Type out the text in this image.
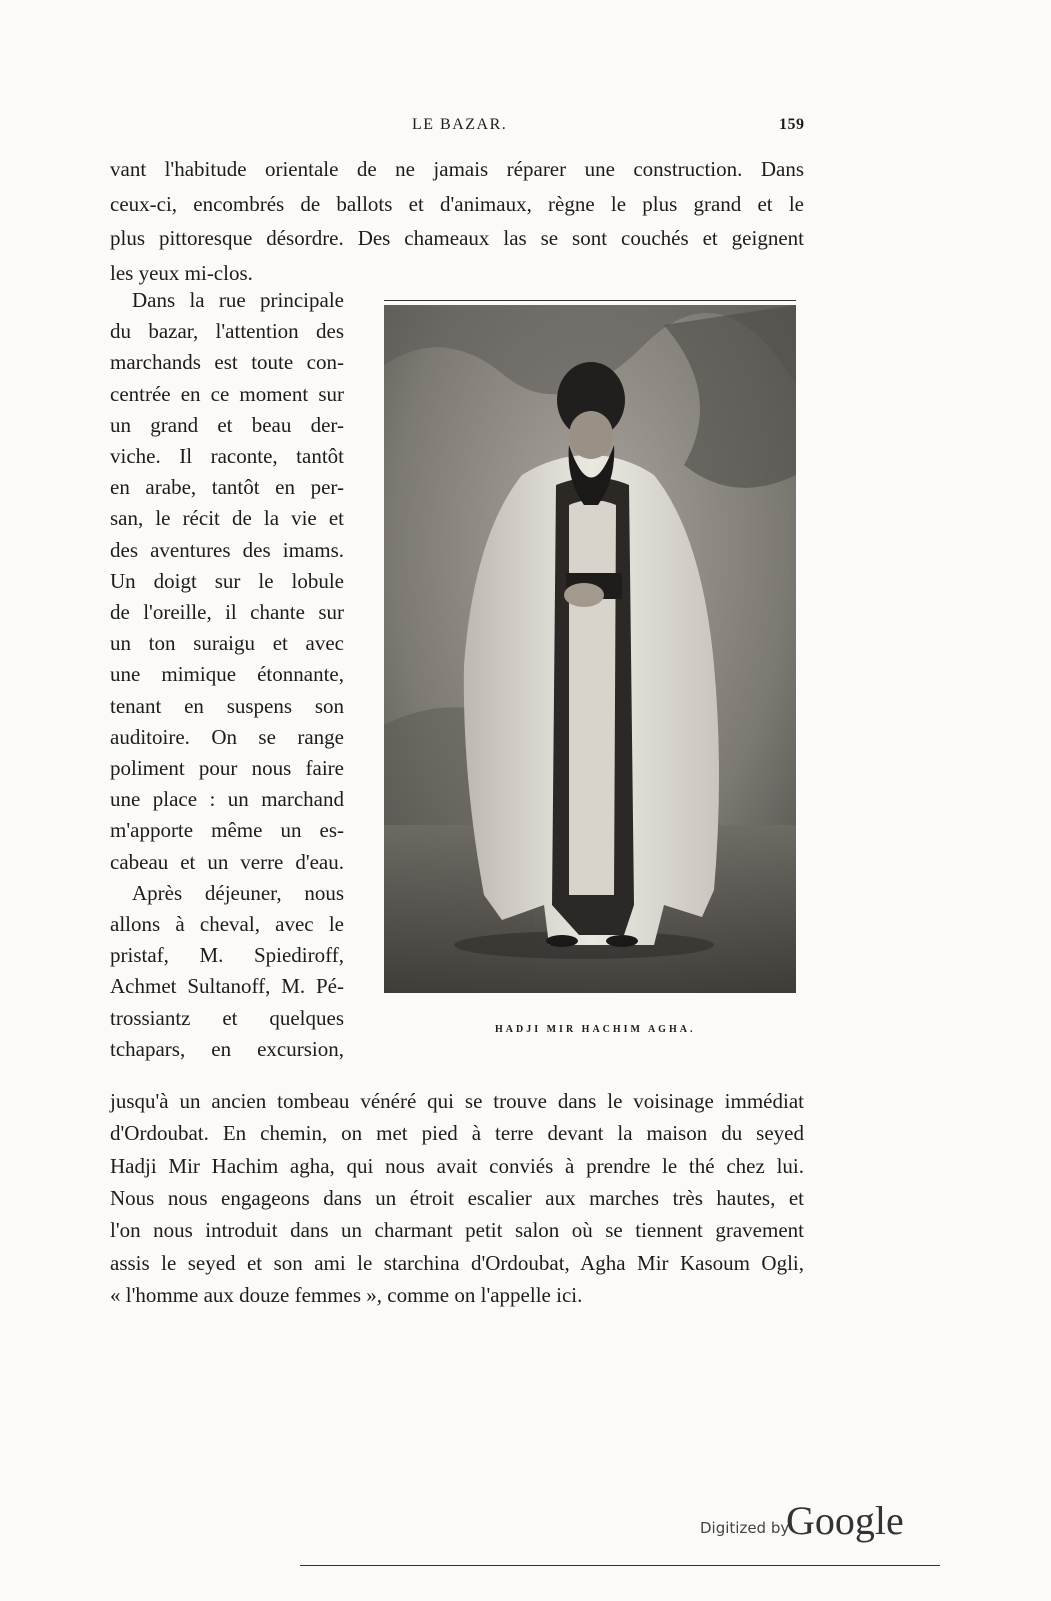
LE BAZAR.	159
vant l'habitude orientale de ne jamais réparer une construction. Dans
ceux-ci, encombrés de ballots et d'animaux, règne le plus grand et le
plus pittoresque désordre. Des chameaux las se sont couchés et geignent
les yeux mi-clos.
Dans la rue principale
du bazar, l'attention des
marchands est toute con-
centrée en ce moment sur
un grand et beau der-
viche. Il raconte, tantôt
en arabe, tantôt en per-
san, le récit de la vie et
des aventures des imams.
Un doigt sur le lobule
de l'oreille, il chante sur
un ton suraigu et avec
une mimique étonnante,
tenant en suspens son
auditoire. On se range
poliment pour nous faire
une place : un marchand
m'apporte même un es-
cabeau et un verre d'eau.
Après déjeuner, nous
allons à cheval, avec le
pristaf, M. Spiediroff,
Achmet Sultanoff, M. Pé-
trossiantz et quelques
tchapars, en excursion,
jusqu'à un ancien tombeau vénéré qui se trouve dans le voisinage immédiat
d'Ordoubat. En chemin, on met pied à terre devant la maison du seyed
Hadji Mir Hachim agha, qui nous avait conviés à prendre le thé chez lui.
Nous nous engageons dans un étroit escalier aux marches très hautes, et
l'on nous introduit dans un charmant petit salon où se tiennent gravement
assis le seyed et son ami le starchina d'Ordoubat, Agha Mir Kasoum Ogli,
« l'homme aux douze femmes », comme on l'appelle ici.
HADJI MIR HACHIM AGHA.
Digitized by
Google
